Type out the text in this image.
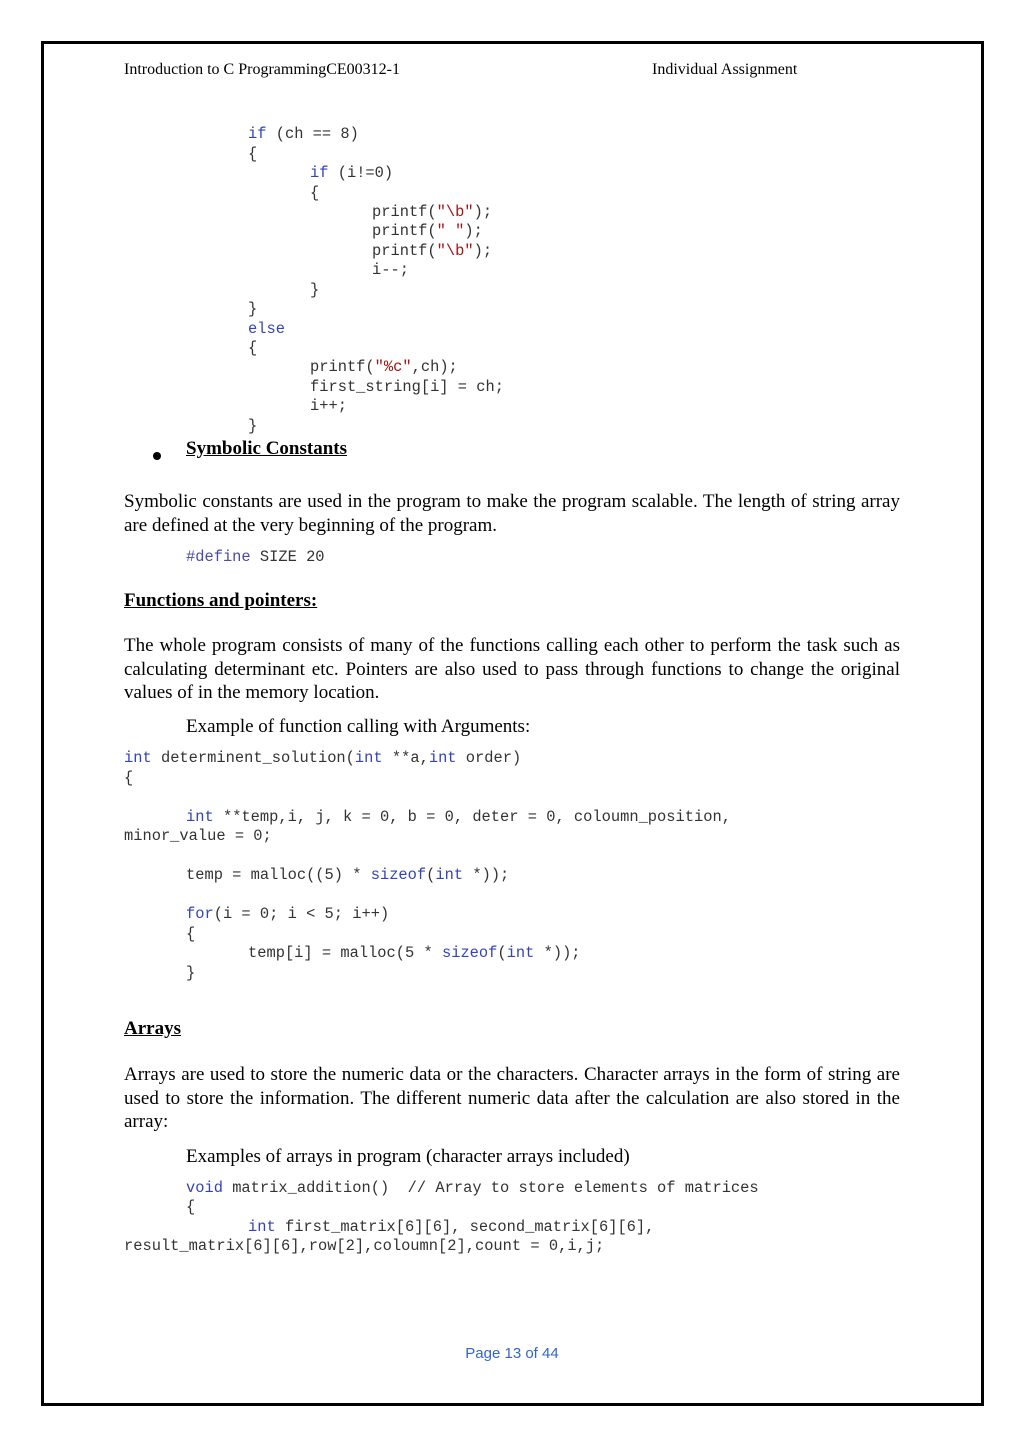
Introduction to C ProgrammingCE00312-1	Individual Assignment
if (ch == 8)
{
if (i!=0)
{
printf("\b");
printf(" ");
printf("\b");
i--;
}
}
else
{
printf("%c",ch);
first_string[i] = ch;
i++;
}
Symbolic Constants
Symbolic constants are used in the program to make the program scalable. The length of string array are defined at the very beginning of the program.
#define SIZE 20
Functions and pointers:
The whole program consists of many of the functions calling each other to perform the task such as calculating determinant etc. Pointers are also used to pass through functions to change the original values of in the memory location.
Example of function calling with Arguments:
int determinent_solution(int **a,int order)
{
int **temp,i, j, k = 0, b = 0, deter = 0, coloumn_position,
minor_value = 0;
temp = malloc((5) * sizeof(int *));
for(i = 0; i < 5; i++)
{
temp[i] = malloc(5 * sizeof(int *));
}
Arrays
Arrays are used to store the numeric data or the characters. Character arrays in the form of string are used to store the information. The different numeric data after the calculation are also stored in the array:
Examples of arrays in program (character arrays included)
void matrix_addition()  // Array to store elements of matrices
{
int first_matrix[6][6], second_matrix[6][6],
result_matrix[6][6],row[2],coloumn[2],count = 0,i,j;
Page 13 of 44
